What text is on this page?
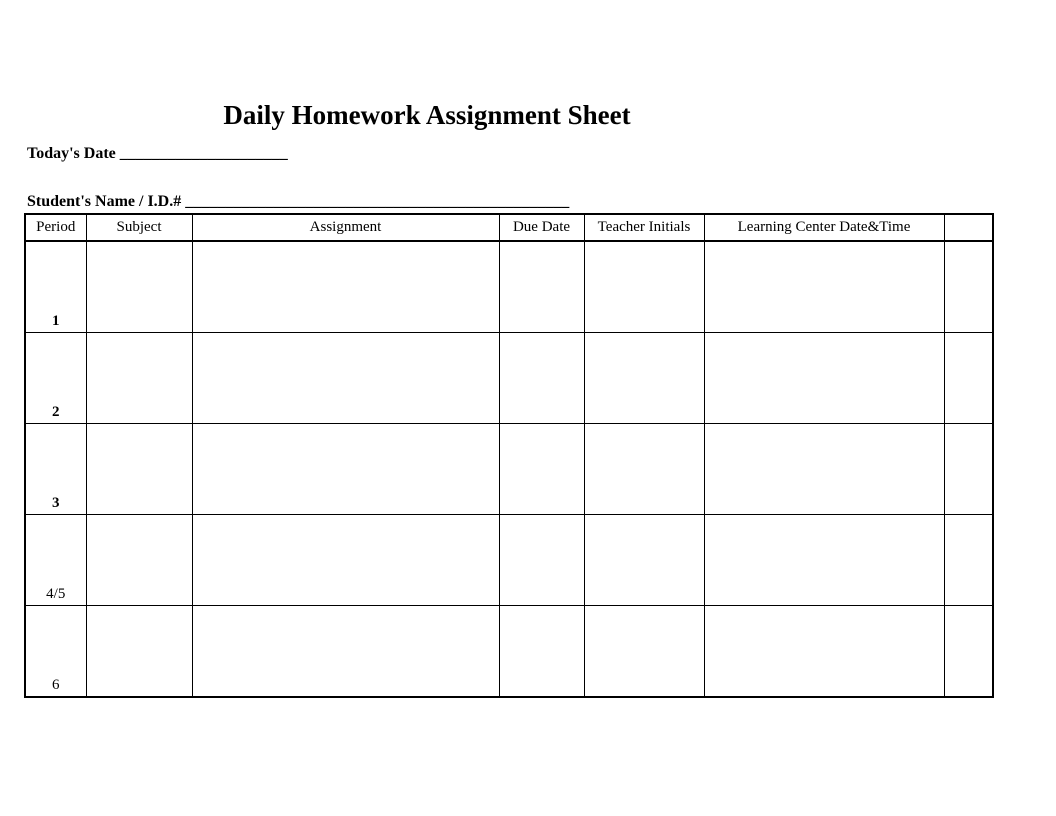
Daily Homework Assignment Sheet
Today's Date _____________________
Student's Name / I.D.# ________________________________________________
Period	Subject	Assignment	Due Date	Teacher Initials	Learning Center Date&Time	
1						
2						
3						
4/5						
6						
